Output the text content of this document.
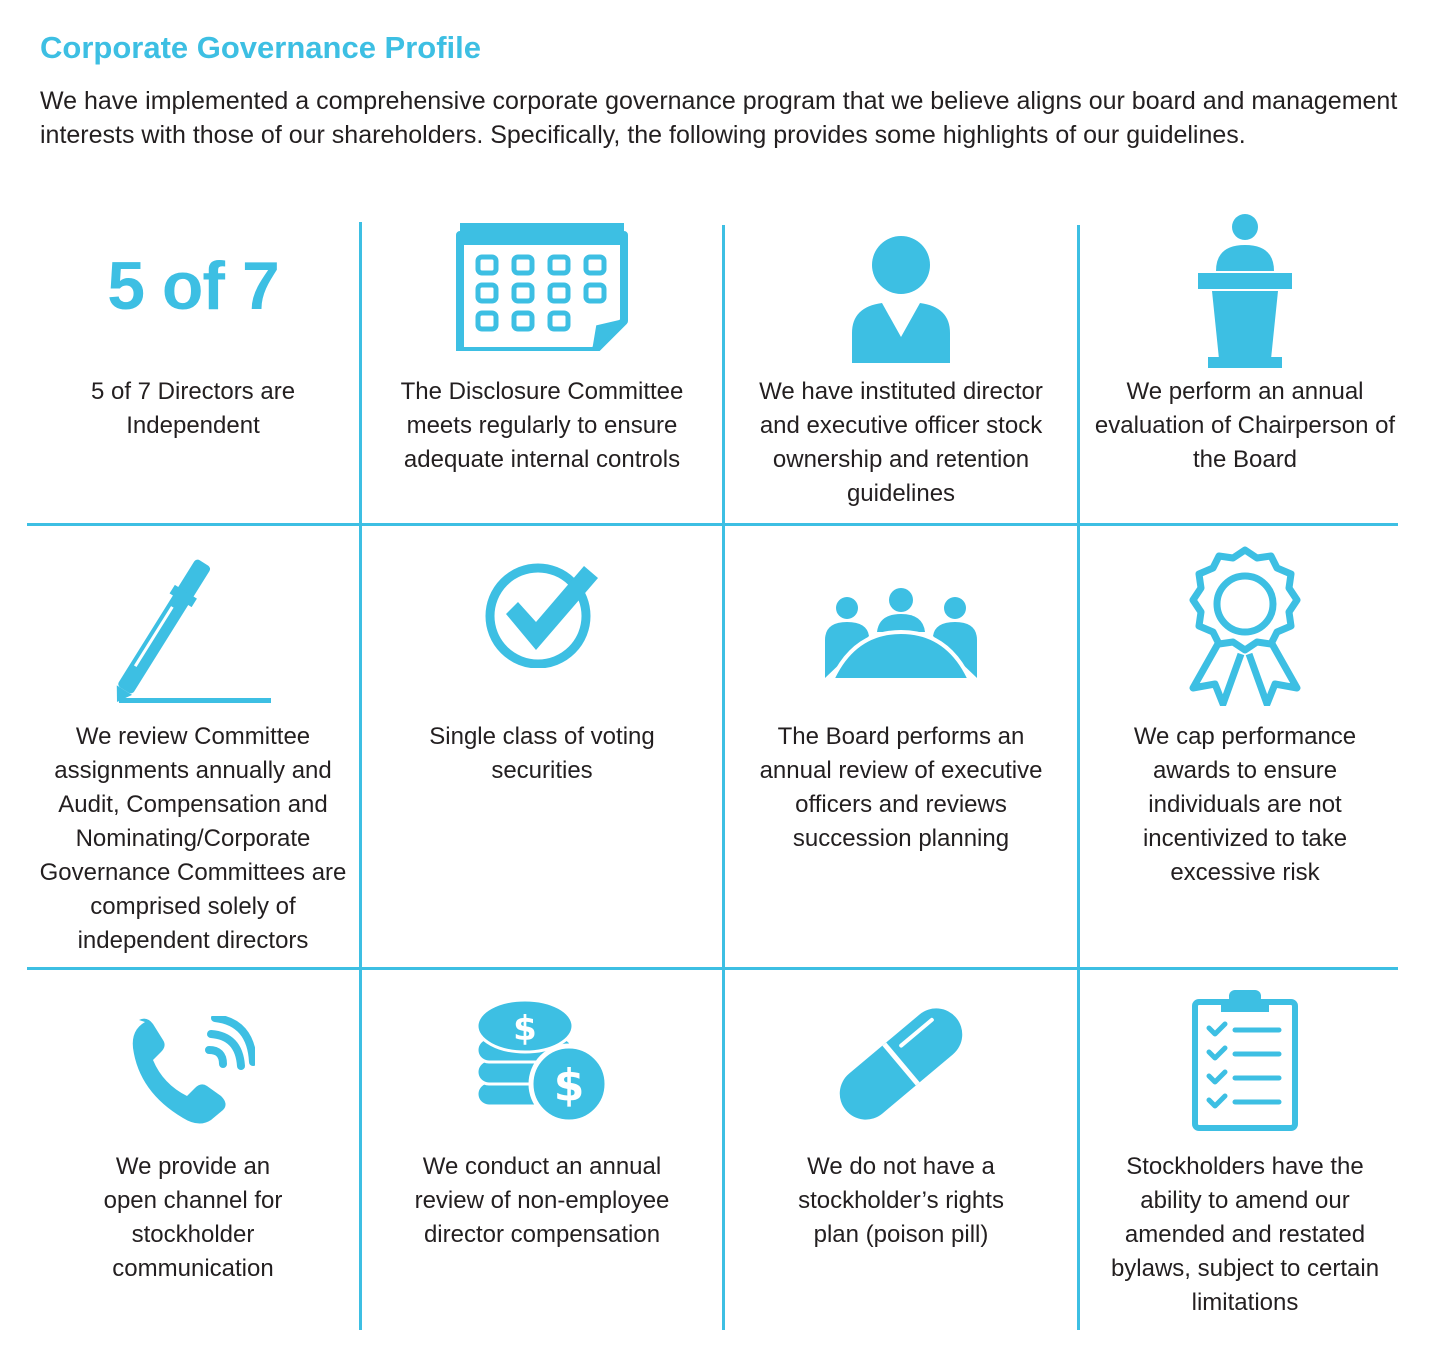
Corporate Governance Profile
We have implemented a comprehensive corporate governance program that we believe aligns our board and management interests with those of our shareholders. Specifically, the following provides some highlights of our guidelines.
5 of 7
5 of 7 Directors are Independent
The Disclosure Committee meets regularly to ensure adequate internal controls
We have instituted director and executive officer stock ownership and retention guidelines
We perform an annual evaluation of Chairperson of the Board
We review Committee assignments annually and Audit, Compensation and Nominating/Corporate Governance Committees are comprised solely of independent directors
Single class of voting securities
The Board performs an annual review of executive officers and reviews succession planning
We cap performance awards to ensure individuals are not incentivized to take excessive risk
We provide an open channel for stockholder communication
$
$
We conduct an annual review of non-employee director compensation
We do not have a stockholder’s rights plan (poison pill)
Stockholders have the ability to amend our amended and restated bylaws, subject to certain limitations
